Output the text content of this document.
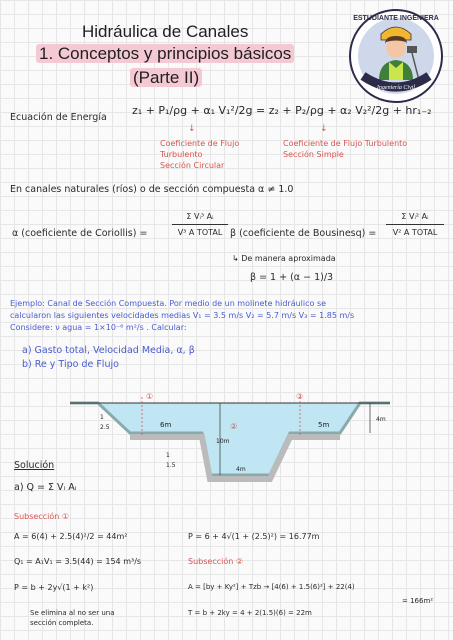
Hidráulica de Canales
1. Conceptos y principios básicos
(Parte II)
ESTUDIANTE INGENIERA
Ingeniería Civil
apuntes
Ecuación de Energía
z₁ + P₁/ρg + α₁ V₁²/2g = z₂ + P₂/ρg + α₂ V₂²/2g + hr₁₋₂
↓	↓
Coeficiente de Flujo
Turbulento
Sección Circular
Coeficiente de Flujo Turbulento
Sección Simple
En canales naturales (ríos) o de sección compuesta α ≠ 1.0
α (coeficiente de Coriollis) =
Σ Vᵢ³ Aᵢ
V³ A TOTAL β (coeficiente de Bousinesq) =
Σ Vᵢ² Aᵢ
V² A TOTAL
↳ De manera aproximada
β = 1 + (α − 1)/3
Ejemplo: Canal de Sección Compuesta. Por medio de un molinete hidráulico se
calcularon las siguientes velocidades medias V₁ = 3.5 m/s V₂ = 5.7 m/s V₃ = 1.85 m/s
Considere: ν agua = 1×10⁻⁶ m²/s . Calcular:
a) Gasto total, Velocidad Media, α, β
b) Re y Tipo de Flujo
①
②
③
6m	5m
1
2.5
10m
4m
4m
1
1.5
Solución
a) Q = Σ Vᵢ Aᵢ
Subsección ①
A = 6(4) + 2.5(4)²/2 = 44m²	P = 6 + 4√(1 + (2.5)²) = 16.77m
Q₁ = A₁V₁ = 3.5(44) = 154 m³/s	Subsección ②
P = b + 2y√(1 + k²)	A = [by + Ky²] + Tzb → [4(6) + 1.5(6)²] + 22(4)
= 166m²
T = b + 2ky = 4 + 2(1.5)(6) = 22m
Se elimina al no ser una
sección completa.
